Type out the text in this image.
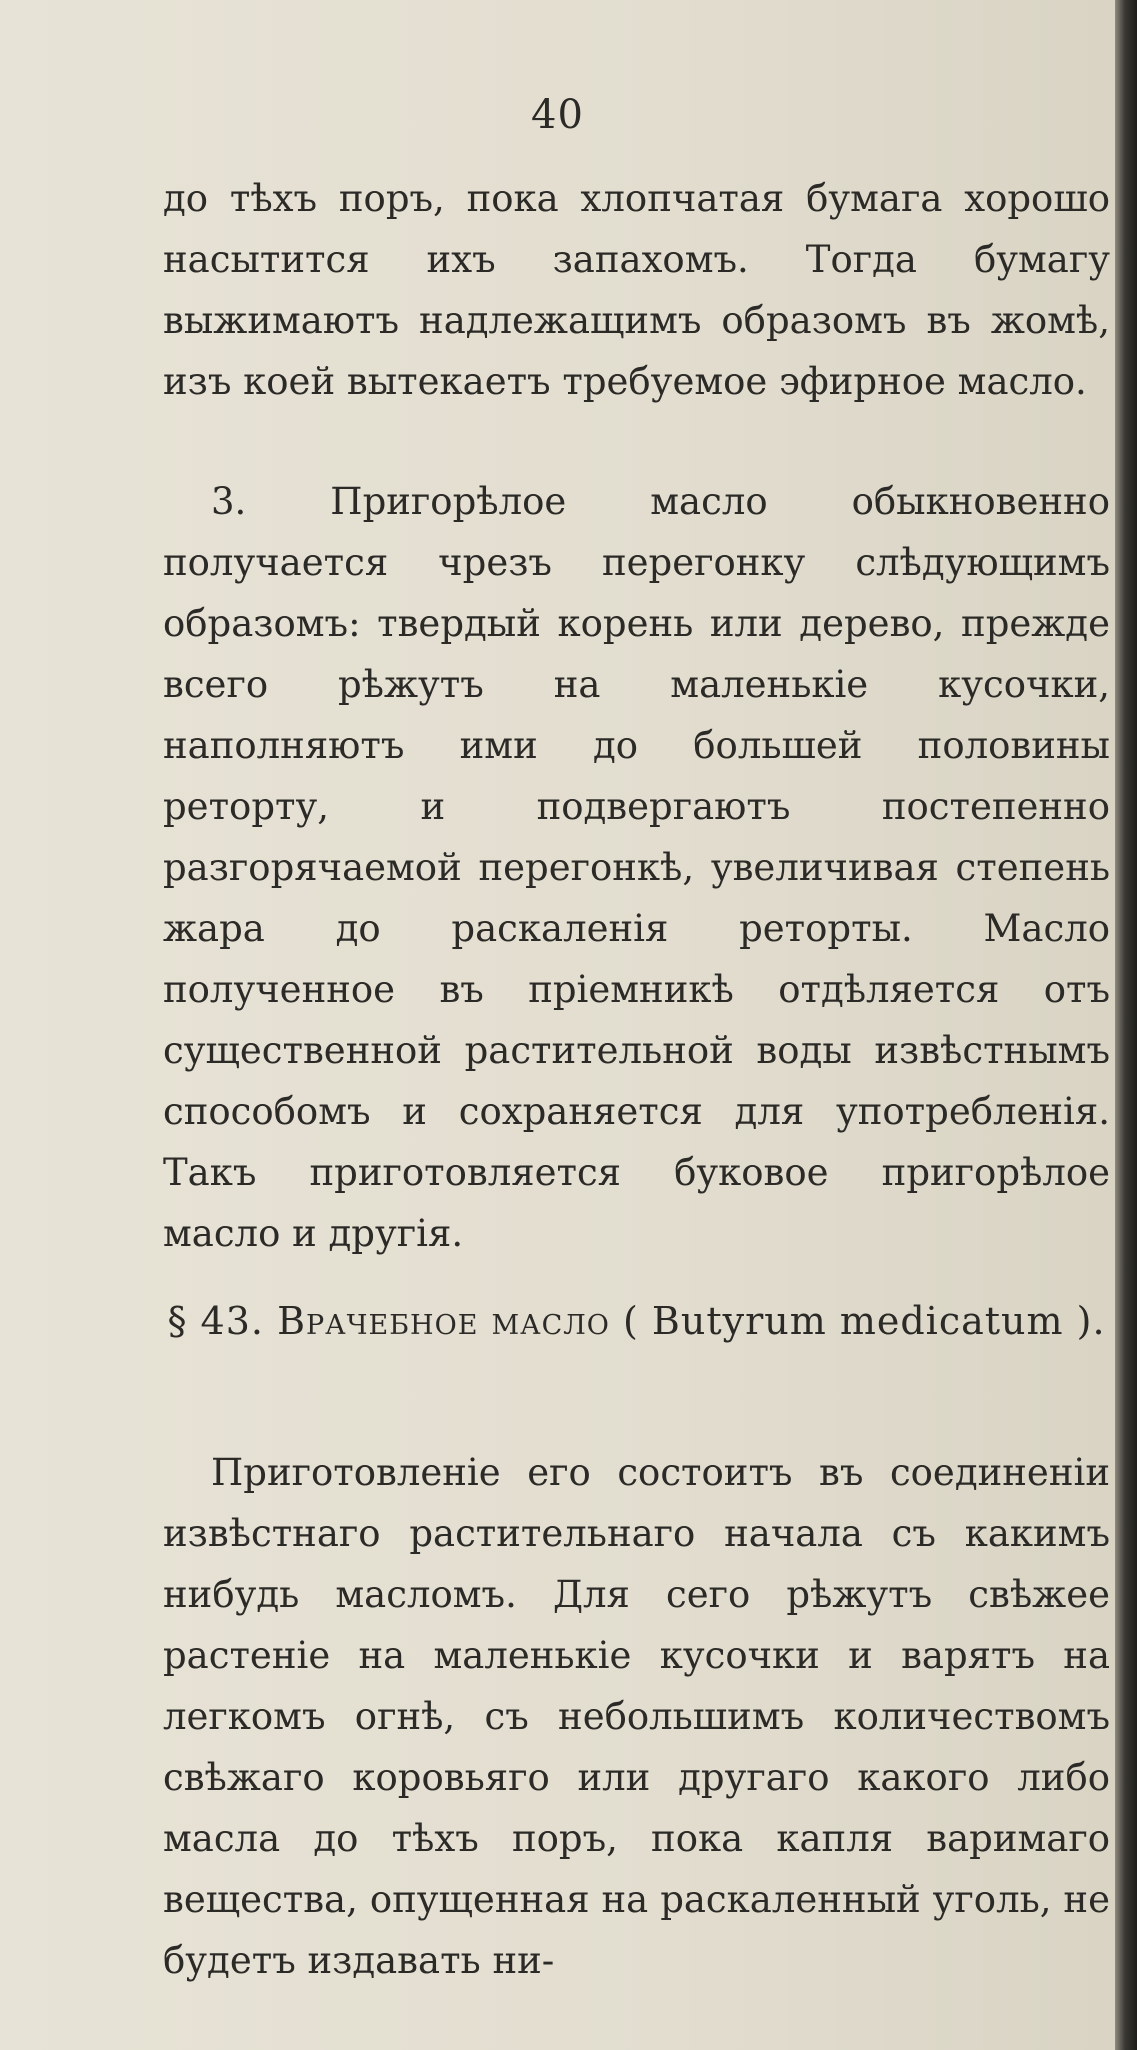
40

до тѣхъ поръ, пока хлопчатая бумага хорошо насытится ихъ запахомъ. Тогда бумагу выжимаютъ надлежащимъ образомъ въ жомѣ, изъ коей вытекаетъ требуемое эфирное масло.

3. Пригорѣлое масло обыкновенно получается чрезъ перегонку слѣдующимъ образомъ: твердый корень или дерево, прежде всего рѣжутъ на маленькіе кусочки, наполняютъ ими до большей половины реторту, и подвергаютъ постепенно разгорячаемой перегонкѣ, увеличивая степень жара до раскаленія реторты. Масло полученное въ пріемникѣ отдѣляется отъ существенной растительной воды извѣстнымъ способомъ и сохраняется для употребленія. Такъ приготовляется буковое пригорѣлое масло и другія.

§ 43. Врачебное масло ( Butyrum medicatum ).

Приготовленіе его состоитъ въ соединеніи извѣстнаго растительнаго начала съ какимъ нибудь масломъ. Для сего рѣжутъ свѣжее растеніе на маленькіе кусочки и варятъ на легкомъ огнѣ, съ небольшимъ количествомъ свѣжаго коровьяго или другаго какого либо масла до тѣхъ поръ, пока капля варимаго вещества, опущенная на раскаленный уголь, не будетъ издавать ни-
